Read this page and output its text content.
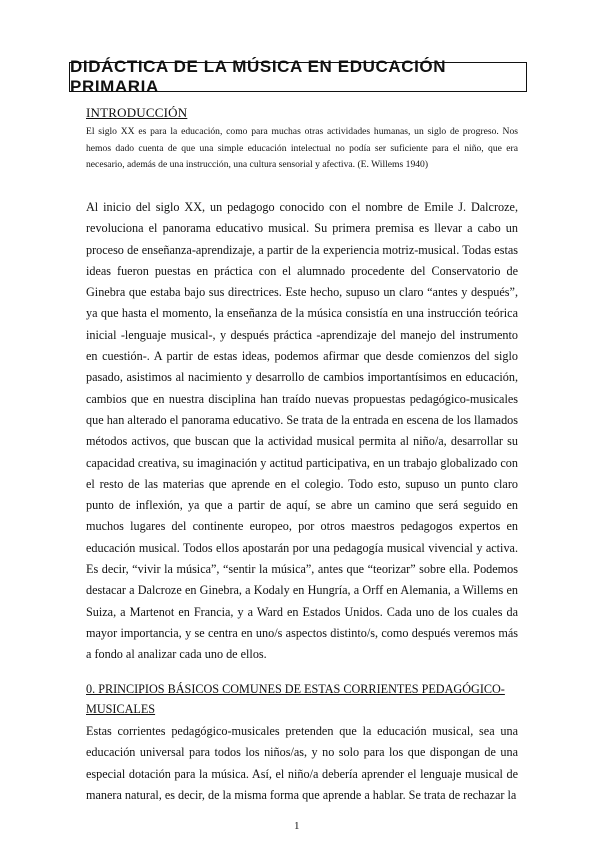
DIDÁCTICA DE LA MÚSICA EN EDUCACIÓN PRIMARIA
INTRODUCCIÓN
El siglo XX es para la educación, como para muchas otras actividades humanas, un siglo de progreso. Nos hemos dado cuenta de que una simple educación intelectual no podía ser suficiente para el niño, que era necesario, además de una instrucción, una cultura sensorial y afectiva. (E. Willems 1940)

Al inicio del siglo XX, un pedagogo conocido con el nombre de Emile J. Dalcroze, revoluciona el panorama educativo musical. Su primera premisa es llevar a cabo un proceso de enseñanza-aprendizaje, a partir de la experiencia motriz-musical. Todas estas ideas fueron puestas en práctica con el alumnado procedente del Conservatorio de Ginebra que estaba bajo sus directrices. Este hecho, supuso un claro “antes y después”, ya que hasta el momento, la enseñanza de la música consistía en una instrucción teórica inicial -lenguaje musical-, y después práctica -aprendizaje del manejo del instrumento en cuestión-. A partir de estas ideas, podemos afirmar que desde comienzos del siglo pasado, asistimos al nacimiento y desarrollo de cambios importantísimos en educación, cambios que en nuestra disciplina han traído nuevas propuestas pedagógico-musicales que han alterado el panorama educativo. Se trata de la entrada en escena de los llamados métodos activos, que buscan que la actividad musical permita al niño/a, desarrollar su capacidad creativa, su imaginación y actitud participativa, en un trabajo globalizado con el resto de las materias que aprende en el colegio. Todo esto, supuso un punto claro punto de inflexión, ya que a partir de aquí, se abre un camino que será seguido en muchos lugares del continente europeo, por otros maestros pedagogos expertos en educación musical. Todos ellos apostarán por una pedagogía musical vivencial y activa. Es decir, “vivir la música”, “sentir la música”, antes que “teorizar” sobre ella. Podemos destacar a Dalcroze en Ginebra, a Kodaly en Hungría, a Orff en Alemania, a Willems en Suiza, a Martenot en Francia, y a Ward en Estados Unidos. Cada uno de los cuales da mayor importancia, y se centra en uno/s aspectos distinto/s, como después veremos más a fondo al analizar cada uno de ellos.

0. PRINCIPIOS BÁSICOS COMUNES DE ESTAS CORRIENTES PEDAGÓGICO-MUSICALES

Estas corrientes pedagógico-musicales pretenden que la educación musical, sea una educación universal para todos los niños/as, y no solo para los que dispongan de una especial dotación para la música. Así, el niño/a debería aprender el lenguaje musical de manera natural, es decir, de la misma forma que aprende a hablar. Se trata de rechazar la

1
